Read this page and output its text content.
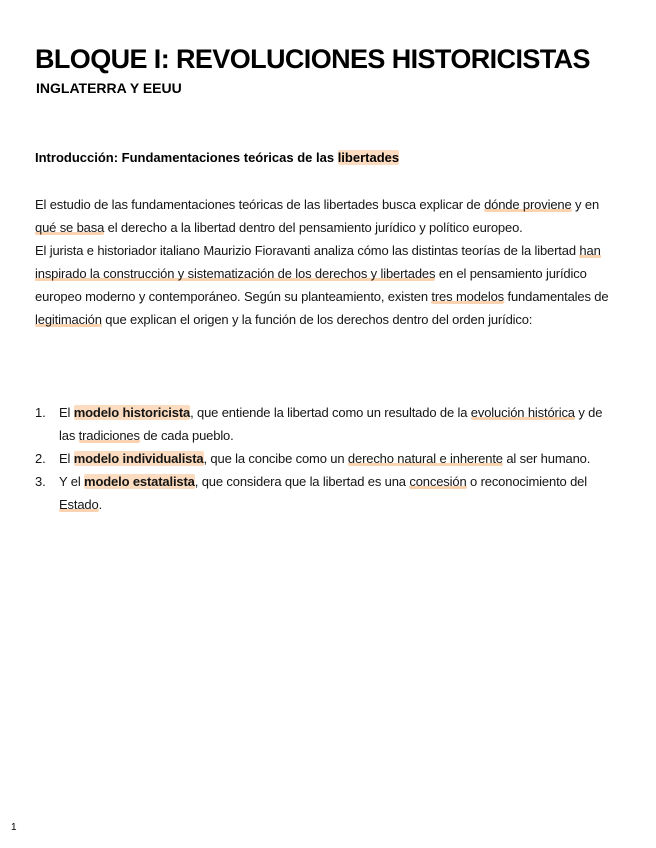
BLOQUE I: REVOLUCIONES HISTORICISTAS
INGLATERRA Y EEUU
Introducción: Fundamentaciones teóricas de las libertades

El estudio de las fundamentaciones teóricas de las libertades busca explicar de dónde proviene y en qué se basa el derecho a la libertad dentro del pensamiento jurídico y político europeo.

El jurista e historiador italiano Maurizio Fioravanti analiza cómo las distintas teorías de la libertad han inspirado la construcción y sistematización de los derechos y libertades en el pensamiento jurídico europeo moderno y contemporáneo. Según su planteamiento, existen tres modelos fundamentales de legitimación que explican el origen y la función de los derechos dentro del orden jurídico:

1. El modelo historicista, que entiende la libertad como un resultado de la evolución histórica y de las tradiciones de cada pueblo.
2. El modelo individualista, que la concibe como un derecho natural e inherente al ser humano.
3. Y el modelo estatalista, que considera que la libertad es una concesión o reconocimiento del Estado.
1
